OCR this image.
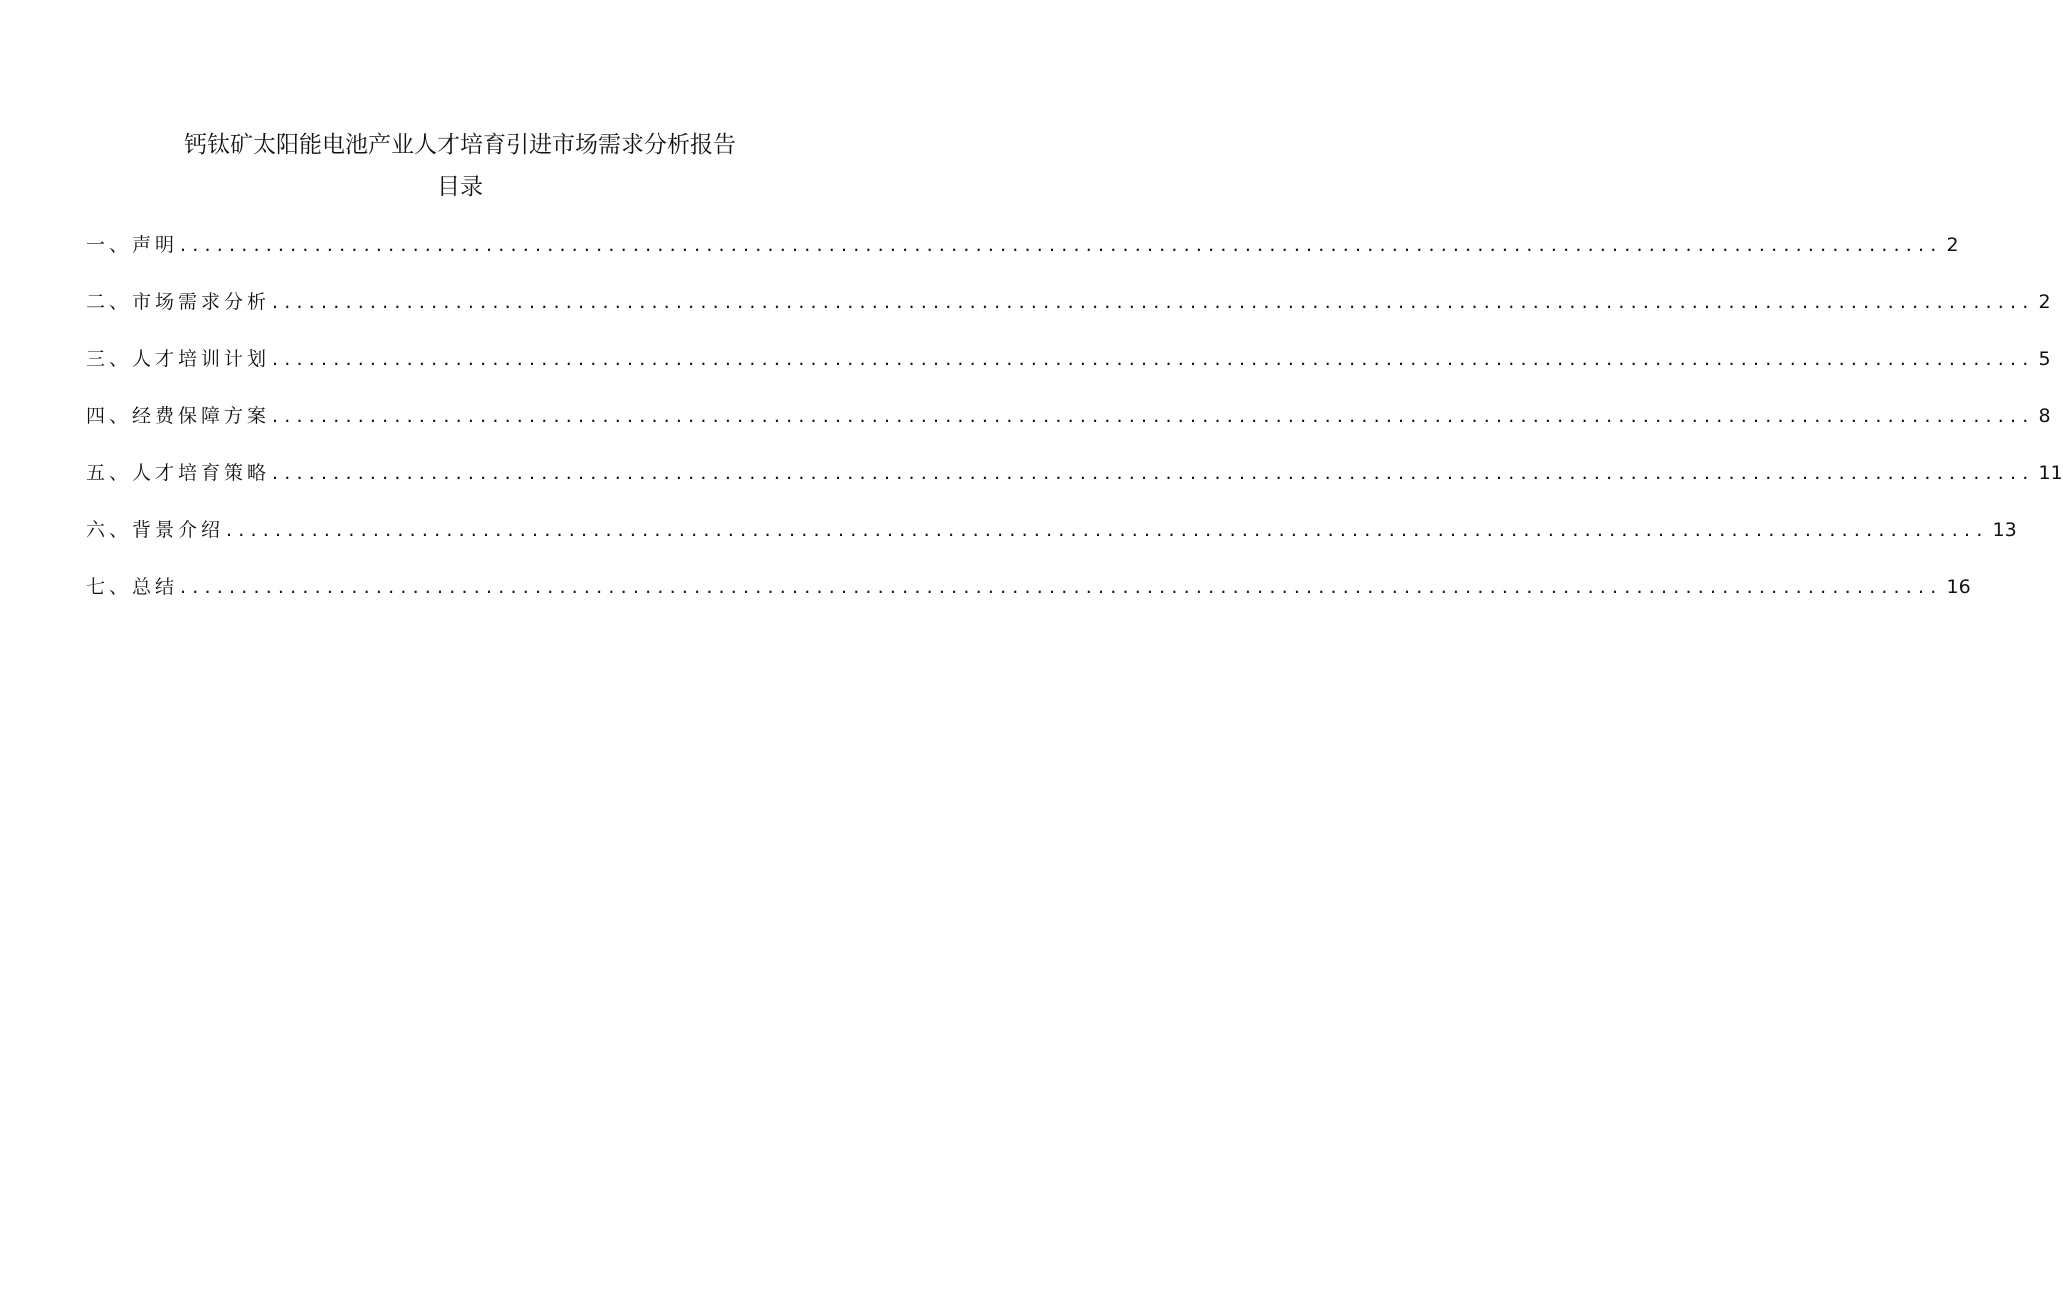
钙钛矿太阳能电池产业人才培育引进市场需求分析报告
目录
一、声明 ................................................................................................................................................ 2
二、市场需求分析 ................................................................................................................................................ 2
三、人才培训计划 ................................................................................................................................................ 5
四、经费保障方案 ................................................................................................................................................ 8
五、人才培育策略 ................................................................................................................................................ 11
六、背景介绍 ................................................................................................................................................ 13
七、总结 ................................................................................................................................................ 16
